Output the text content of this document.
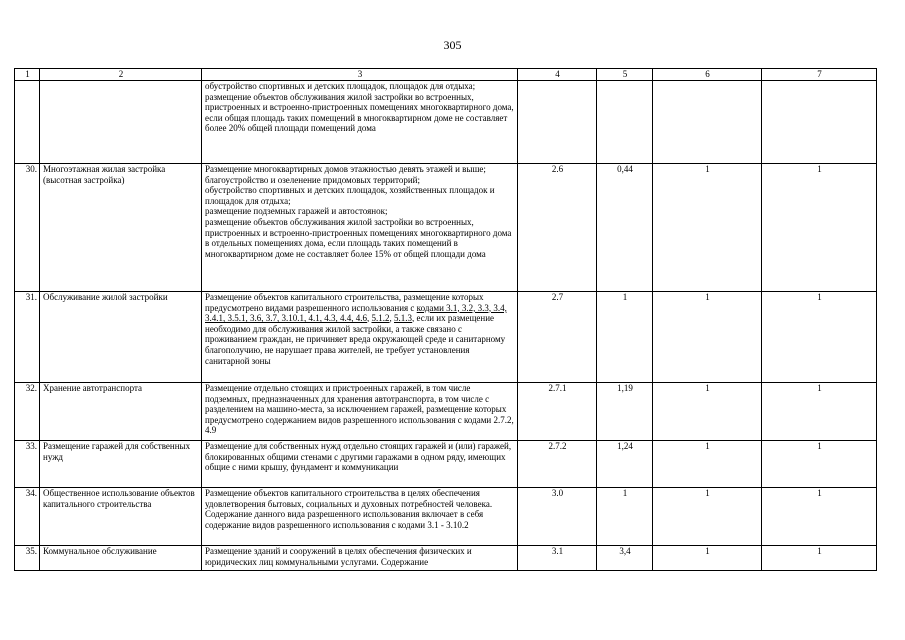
305
1	2	3	4	5	6	7
		обустройство спортивных и детских площадок, площадок для отдыха;
размещение объектов обслуживания жилой застройки во встроенных, пристроенных и встроенно-пристроенных помещениях многоквартирного дома, если общая площадь таких помещений в многоквартирном доме не составляет более 20% общей площади помещений дома				
30.	Многоэтажная жилая застройка (высотная застройка)	Размещение многоквартирных домов этажностью девять этажей и выше;
благоустройство и озеленение придомовых территорий;
обустройство спортивных и детских площадок, хозяйственных площадок и площадок для отдыха;
размещение подземных гаражей и автостоянок;
размещение объектов обслуживания жилой застройки во встроенных, пристроенных и встроенно-пристроенных помещениях многоквартирного дома в отдельных помещениях дома, если площадь таких помещений в многоквартирном доме не составляет более 15% от общей площади дома	2.6	0,44	1	1
31.	Обслуживание жилой застройки	Размещение объектов капитального строительства, размещение которых предусмотрено видами разрешенного использования с кодами 3.1, 3.2, 3.3, 3.4, 3.4.1, 3.5.1, 3.6, 3.7, 3.10.1, 4.1, 4.3, 4.4, 4.6, 5.1.2, 5.1.3, если их размещение необходимо для обслуживания жилой застройки, а также связано с проживанием граждан, не причиняет вреда окружающей среде и санитарному благополучию, не нарушает права жителей, не требует установления санитарной зоны	2.7	1	1	1
32.	Хранение автотранспорта	Размещение отдельно стоящих и пристроенных гаражей, в том числе подземных, предназначенных для хранения автотранспорта, в том числе с разделением на машино-места, за исключением гаражей, размещение которых предусмотрено содержанием видов разрешенного использования с кодами 2.7.2, 4.9	2.7.1	1,19	1	1
33.	Размещение гаражей для собственных нужд	Размещение для собственных нужд отдельно стоящих гаражей и (или) гаражей, блокированных общими стенами с другими гаражами в одном ряду, имеющих общие с ними крышу, фундамент и коммуникации	2.7.2	1,24	1	1
34.	Общественное использование объектов капитального строительства	Размещение объектов капитального строительства в целях обеспечения удовлетворения бытовых, социальных и духовных потребностей человека. Содержание данного вида разрешенного использования включает в себя содержание видов разрешенного использования с кодами 3.1 - 3.10.2	3.0	1	1	1
35.	Коммунальное обслуживание	Размещение зданий и сооружений в целях обеспечения физических и юридических лиц коммунальными услугами. Содержание	3.1	3,4	1	1
